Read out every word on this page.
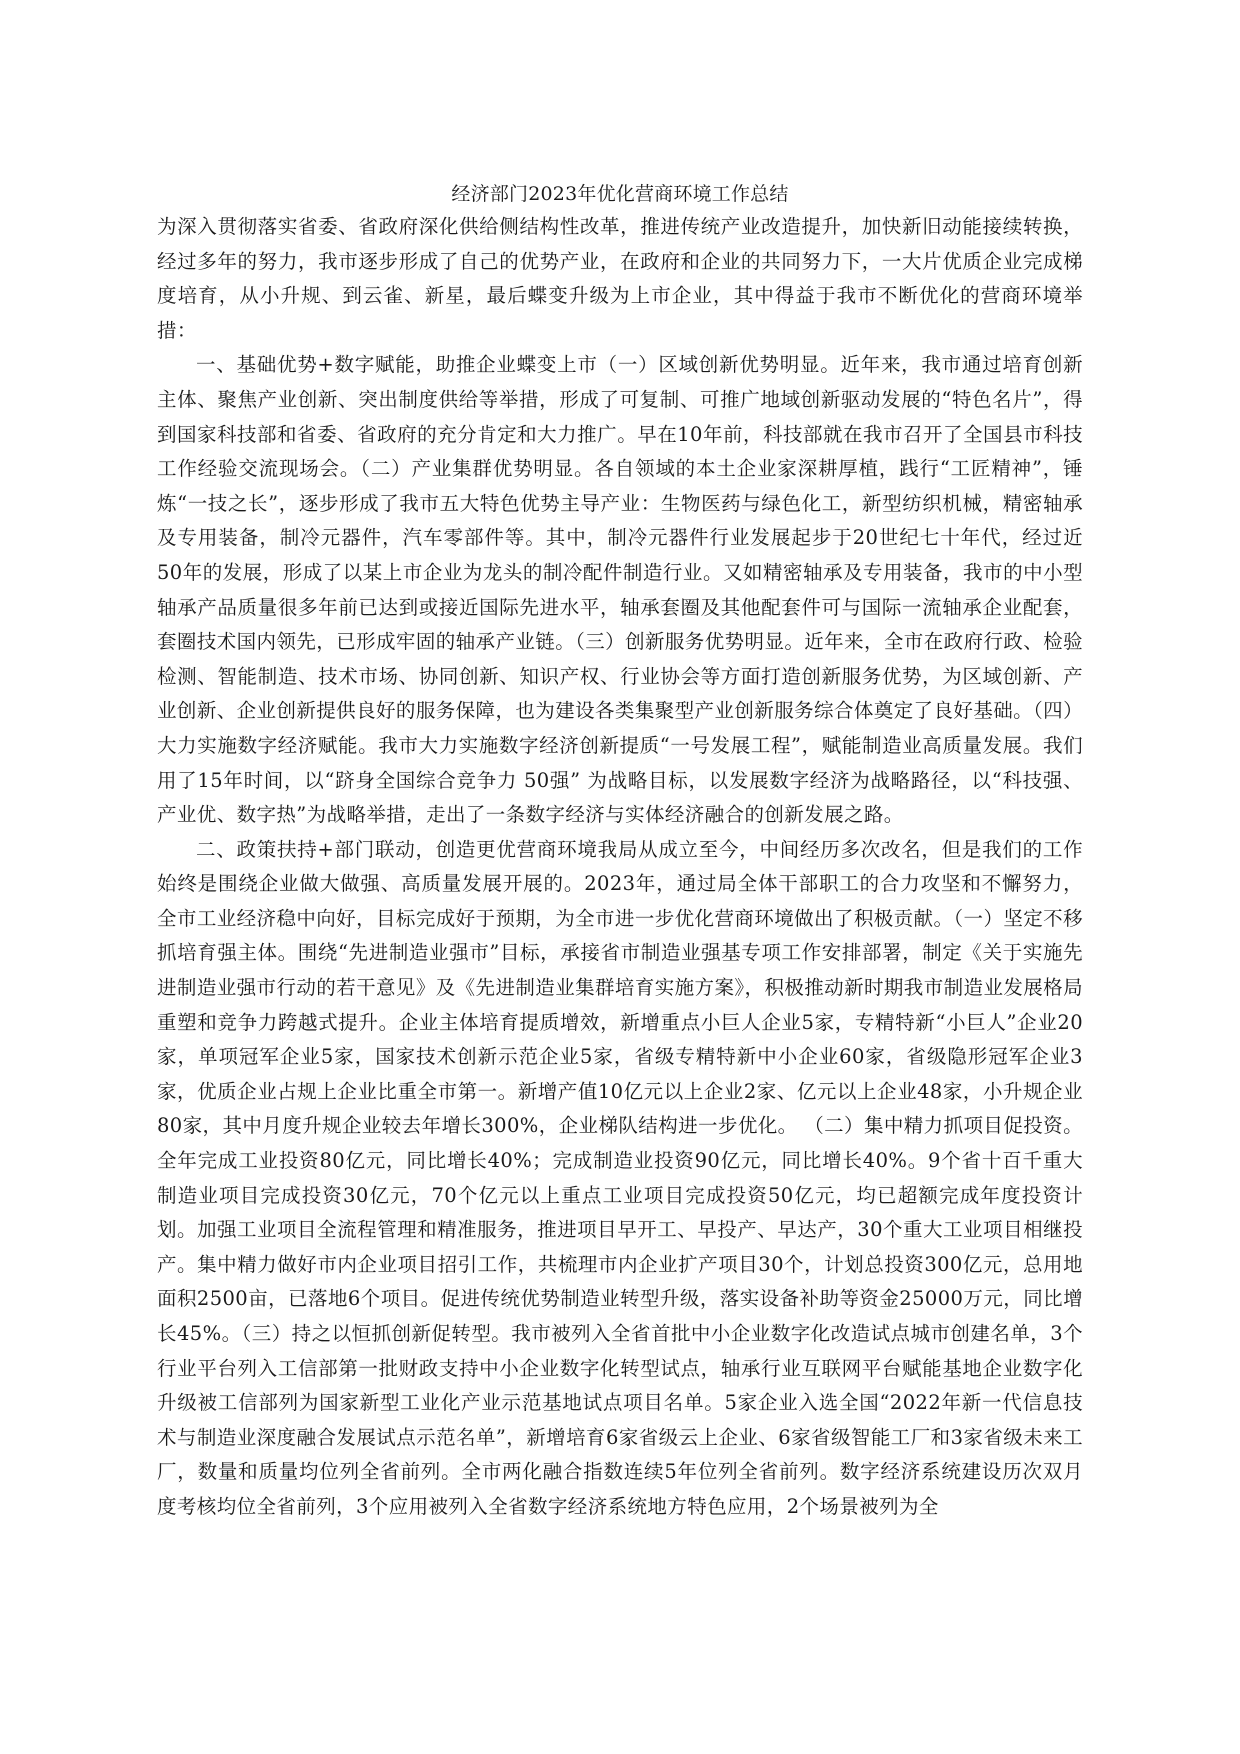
经济部门2023年优化营商环境工作总结

为深入贯彻落实省委、省政府深化供给侧结构性改革，推进传统产业改造提升，加快新旧动能接续转换，经过多年的努力，我市逐步形成了自己的优势产业，在政府和企业的共同努力下，一大片优质企业完成梯度培育，从小升规、到云雀、新星，最后蝶变升级为上市企业，其中得益于我市不断优化的营商环境举措：

一、基础优势+数字赋能，助推企业蝶变上市（一）区域创新优势明显。近年来，我市通过培育创新主体、聚焦产业创新、突出制度供给等举措，形成了可复制、可推广地域创新驱动发展的“特色名片”，得到国家科技部和省委、省政府的充分肯定和大力推广。早在10年前，科技部就在我市召开了全国县市科技工作经验交流现场会。（二）产业集群优势明显。各自领域的本土企业家深耕厚植，践行“工匠精神”，锤炼“一技之长”，逐步形成了我市五大特色优势主导产业：生物医药与绿色化工，新型纺织机械，精密轴承及专用装备，制冷元器件，汽车零部件等。其中，制冷元器件行业发展起步于20世纪七十年代，经过近50年的发展，形成了以某上市企业为龙头的制冷配件制造行业。又如精密轴承及专用装备，我市的中小型轴承产品质量很多年前已达到或接近国际先进水平，轴承套圈及其他配套件可与国际一流轴承企业配套，套圈技术国内领先，已形成牢固的轴承产业链。（三）创新服务优势明显。近年来，全市在政府行政、检验检测、智能制造、技术市场、协同创新、知识产权、行业协会等方面打造创新服务优势，为区域创新、产业创新、企业创新提供良好的服务保障，也为建设各类集聚型产业创新服务综合体奠定了良好基础。（四）大力实施数字经济赋能。我市大力实施数字经济创新提质“一号发展工程”，赋能制造业高质量发展。我们用了15年时间，以“跻身全国综合竞争力 50强” 为战略目标，以发展数字经济为战略路径，以“科技强、产业优、数字热”为战略举措，走出了一条数字经济与实体经济融合的创新发展之路。

二、政策扶持+部门联动，创造更优营商环境我局从成立至今，中间经历多次改名，但是我们的工作始终是围绕企业做大做强、高质量发展开展的。2023年，通过局全体干部职工的合力攻坚和不懈努力，全市工业经济稳中向好，目标完成好于预期，为全市进一步优化营商环境做出了积极贡献。（一）坚定不移抓培育强主体。围绕“先进制造业强市”目标，承接省市制造业强基专项工作安排部署，制定《关于实施先进制造业强市行动的若干意见》及《先进制造业集群培育实施方案》，积极推动新时期我市制造业发展格局重塑和竞争力跨越式提升。企业主体培育提质增效，新增重点小巨人企业5家，专精特新“小巨人”企业20家，单项冠军企业5家，国家技术创新示范企业5家，省级专精特新中小企业60家，省级隐形冠军企业3家，优质企业占规上企业比重全市第一。新增产值10亿元以上企业2家、亿元以上企业48家，小升规企业80家，其中月度升规企业较去年增长300%，企业梯队结构进一步优化。 （二）集中精力抓项目促投资。全年完成工业投资80亿元，同比增长40%；完成制造业投资90亿元，同比增长40%。9个省十百千重大制造业项目完成投资30亿元，70个亿元以上重点工业项目完成投资50亿元，均已超额完成年度投资计划。加强工业项目全流程管理和精准服务，推进项目早开工、早投产、早达产，30个重大工业项目相继投产。集中精力做好市内企业项目招引工作，共梳理市内企业扩产项目30个，计划总投资300亿元，总用地面积2500亩，已落地6个项目。促进传统优势制造业转型升级，落实设备补助等资金25000万元，同比增长45%。（三）持之以恒抓创新促转型。我市被列入全省首批中小企业数字化改造试点城市创建名单，3个行业平台列入工信部第一批财政支持中小企业数字化转型试点，轴承行业互联网平台赋能基地企业数字化升级被工信部列为国家新型工业化产业示范基地试点项目名单。5家企业入选全国“2022年新一代信息技术与制造业深度融合发展试点示范名单”，新增培育6家省级云上企业、6家省级智能工厂和3家省级未来工厂，数量和质量均位列全省前列。全市两化融合指数连续5年位列全省前列。数字经济系统建设历次双月度考核均位全省前列，3个应用被列入全省数字经济系统地方特色应用，2个场景被列为全
